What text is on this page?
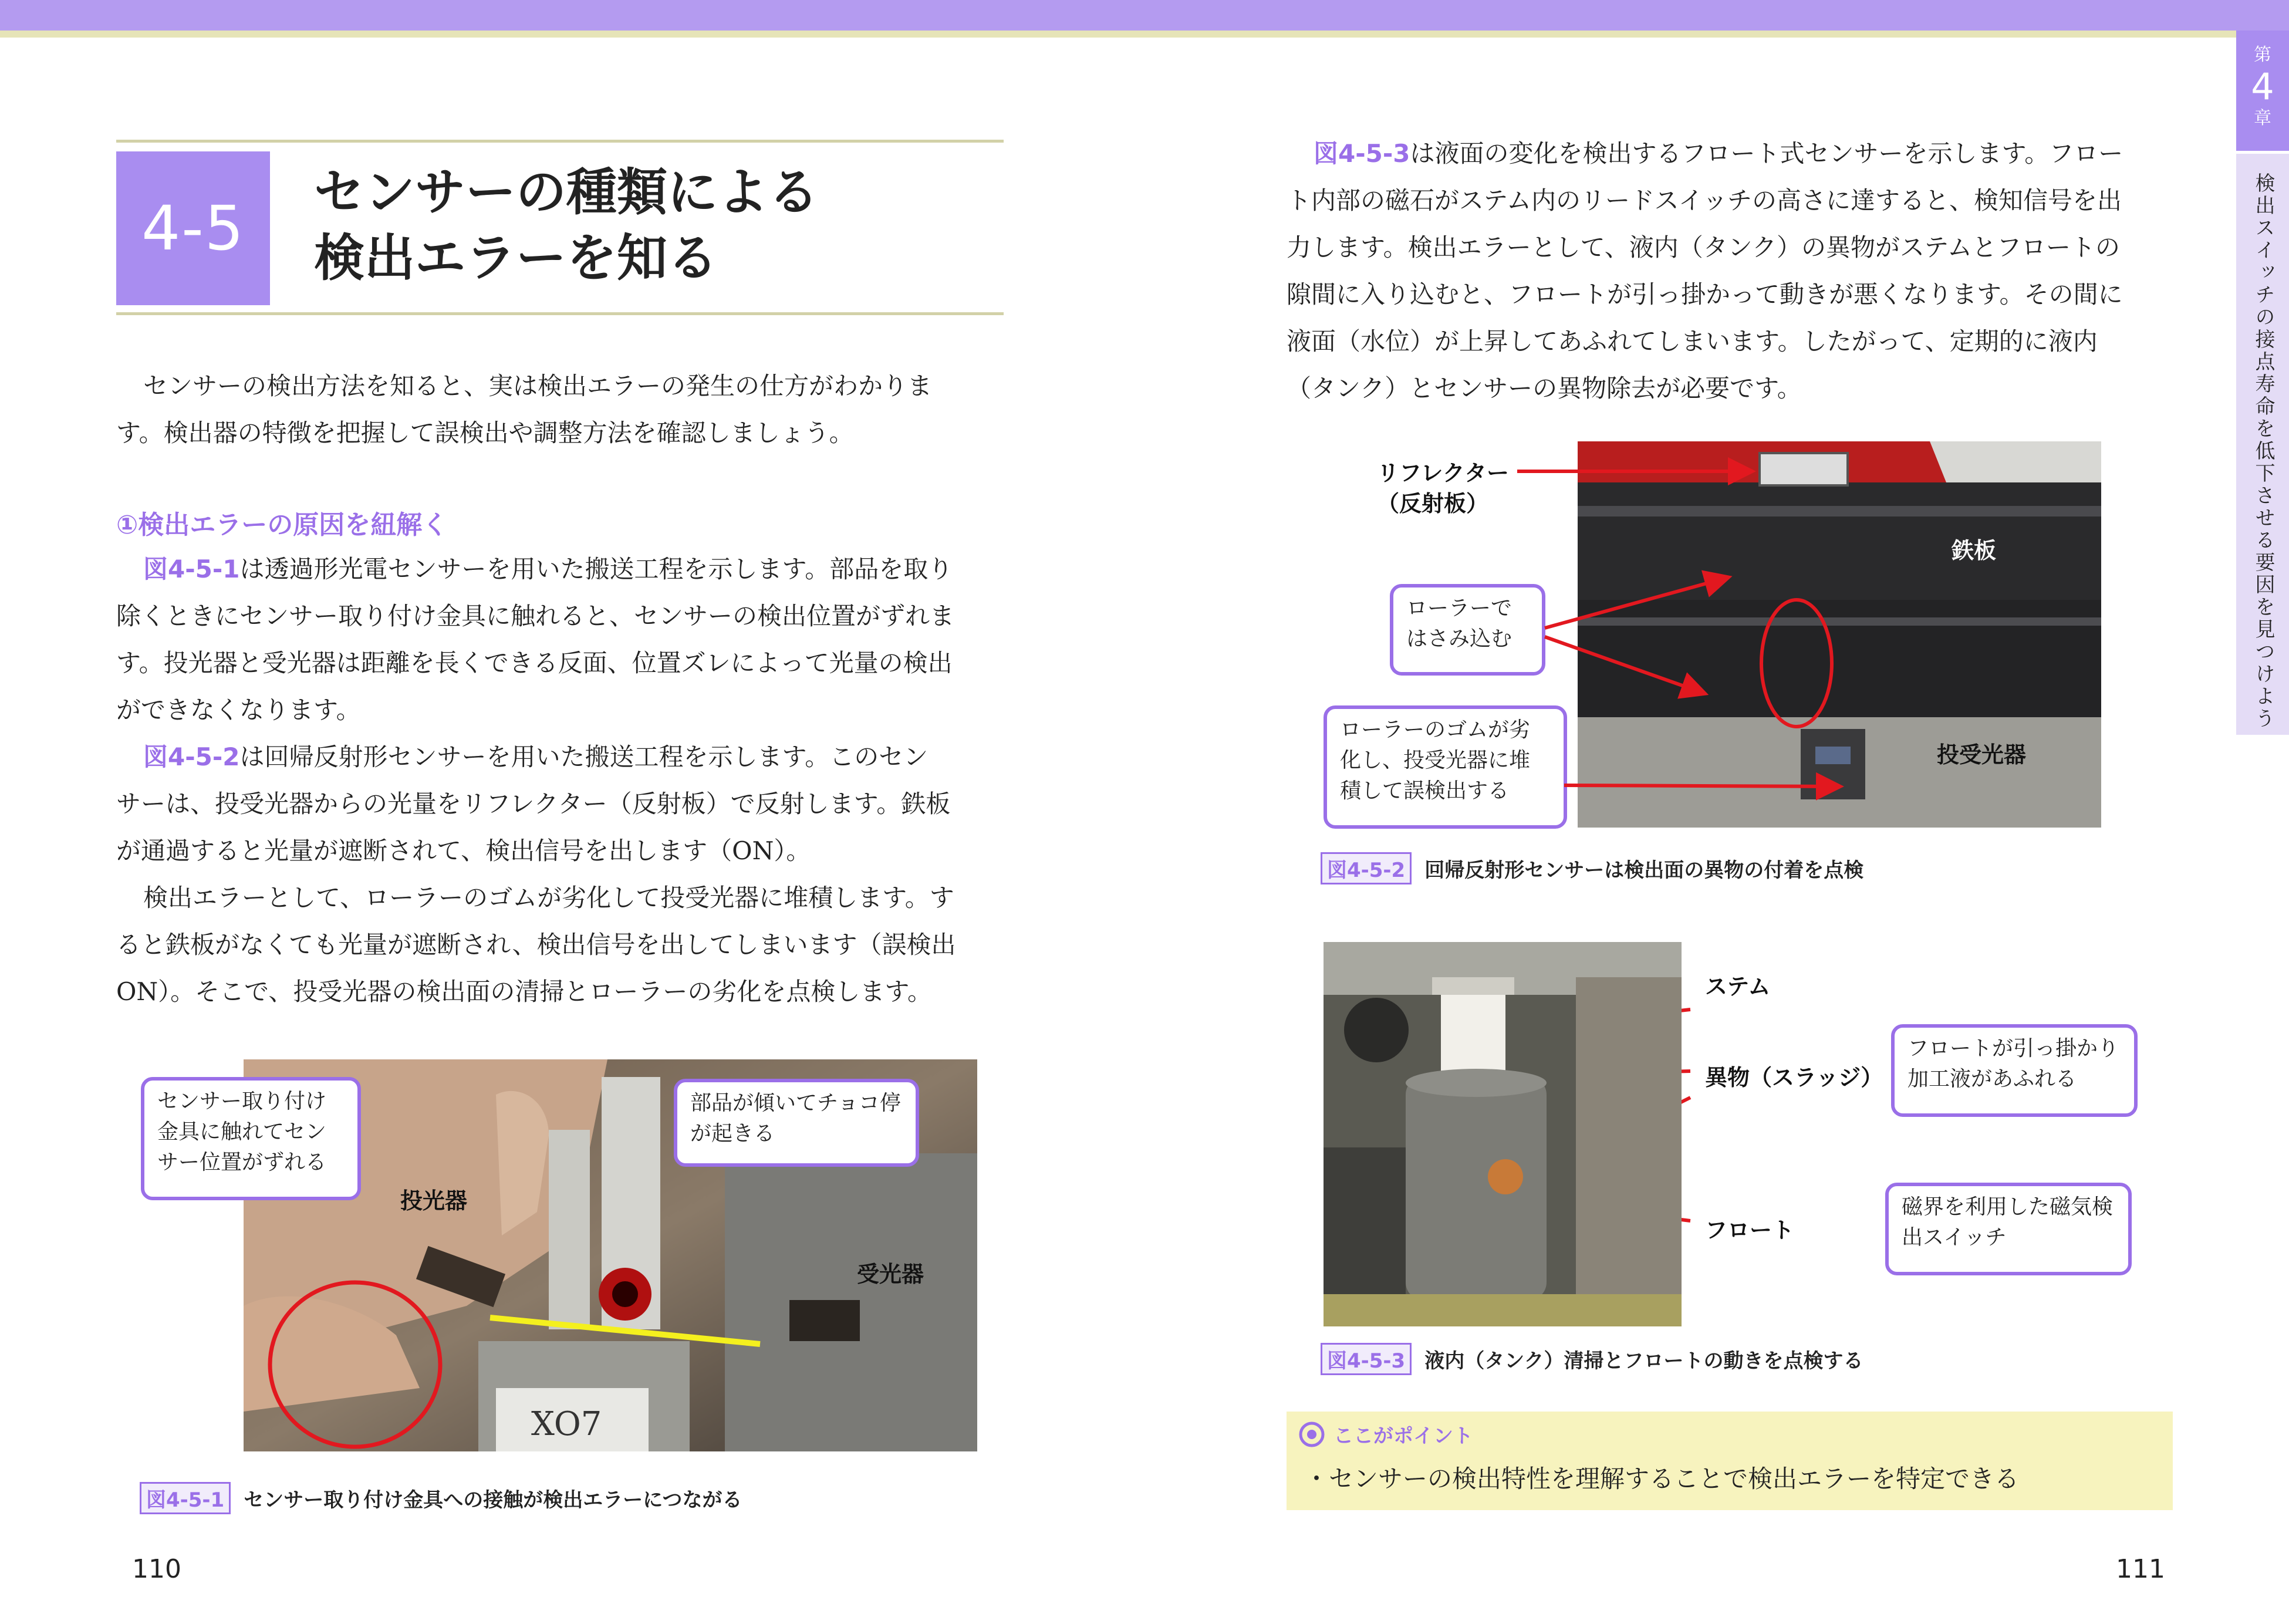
第
4
章
検出スイッチの接点寿命を低下させる要因を見つけよう
4-5	センサーの種類による
検出エラーを知る
センサーの検出方法を知ると、実は検出エラーの発生の仕方がわかりま
す。検出器の特徴を把握して誤検出や調整方法を確認しましょう。
①検出エラーの原因を紐解く
図4-5-1は透過形光電センサーを用いた搬送工程を示します。部品を取り
除くときにセンサー取り付け金具に触れると、センサーの検出位置がずれま
す。投光器と受光器は距離を長くできる反面、位置ズレによって光量の検出
ができなくなります。
図4-5-2は回帰反射形センサーを用いた搬送工程を示します。このセン
サーは、投受光器からの光量をリフレクター（反射板）で反射します。鉄板
が通過すると光量が遮断されて、検出信号を出します（ON）。
検出エラーとして、ローラーのゴムが劣化して投受光器に堆積します。す
ると鉄板がなくても光量が遮断され、検出信号を出してしまいます（誤検出
ON）。そこで、投受光器の検出面の清掃とローラーの劣化を点検します。
XO7
センサー取り付け金具に触れてセンサー位置がずれる
部品が傾いてチョコ停が起きる
投光器
受光器
図4-5-1 センサー取り付け金具への接触が検出エラーにつながる
110
図4-5-3は液面の変化を検出するフロート式センサーを示します。フロー
ト内部の磁石がステム内のリードスイッチの高さに達すると、検知信号を出
力します。検出エラーとして、液内（タンク）の異物がステムとフロートの
隙間に入り込むと、フロートが引っ掛かって動きが悪くなります。その間に
液面（水位）が上昇してあふれてしまいます。したがって、定期的に液内
（タンク）とセンサーの異物除去が必要です。
リフレクター
（反射板）
鉄板
投受光器
ローラーではさみ込む
ローラーのゴムが劣化し、投受光器に堆積して誤検出する
図4-5-2 回帰反射形センサーは検出面の異物の付着を点検
ステム
異物（スラッジ）
フロート
フロートが引っ掛かり加工液があふれる
磁界を利用した磁気検出スイッチ
図4-5-3 液内（タンク）清掃とフロートの動きを点検する
ここがポイント
・センサーの検出特性を理解することで検出エラーを特定できる
111
